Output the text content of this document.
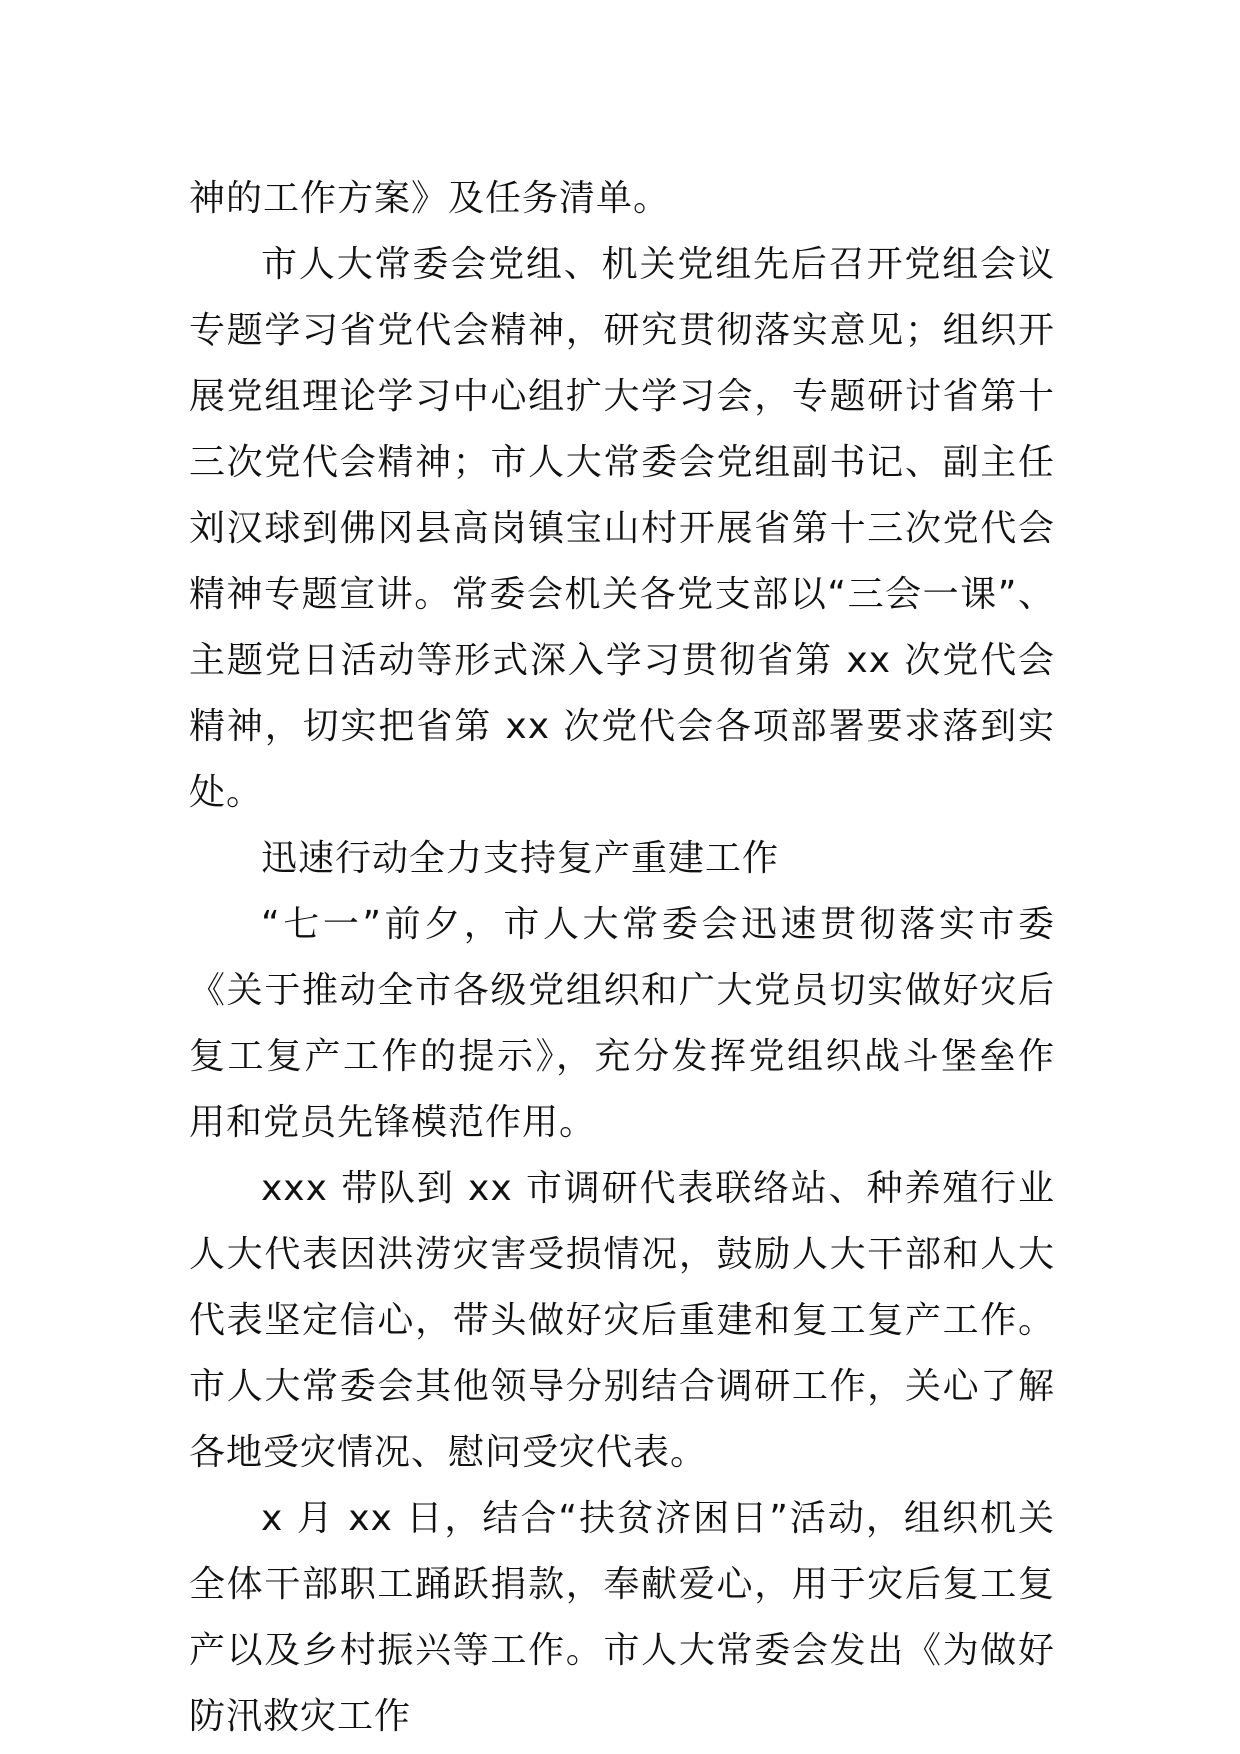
神的工作方案》及任务清单。

市人大常委会党组、机关党组先后召开党组会议专题学习省党代会精神，研究贯彻落实意见；组织开展党组理论学习中心组扩大学习会，专题研讨省第十三次党代会精神；市人大常委会党组副书记、副主任刘汉球到佛冈县高岗镇宝山村开展省第十三次党代会精神专题宣讲。常委会机关各党支部以“三会一课”、主题党日活动等形式深入学习贯彻省第 xx 次党代会精神，切实把省第 xx 次党代会各项部署要求落到实处。

迅速行动全力支持复产重建工作

“七一”前夕，市人大常委会迅速贯彻落实市委《关于推动全市各级党组织和广大党员切实做好灾后复工复产工作的提示》，充分发挥党组织战斗堡垒作用和党员先锋模范作用。

xxx 带队到 xx 市调研代表联络站、种养殖行业人大代表因洪涝灾害受损情况，鼓励人大干部和人大代表坚定信心，带头做好灾后重建和复工复产工作。市人大常委会其他领导分别结合调研工作，关心了解各地受灾情况、慰问受灾代表。

x 月 xx 日，结合“扶贫济困日”活动，组织机关全体干部职工踊跃捐款，奉献爱心，用于灾后复工复产以及乡村振兴等工作。市人大常委会发出《为做好防汛救灾工作
